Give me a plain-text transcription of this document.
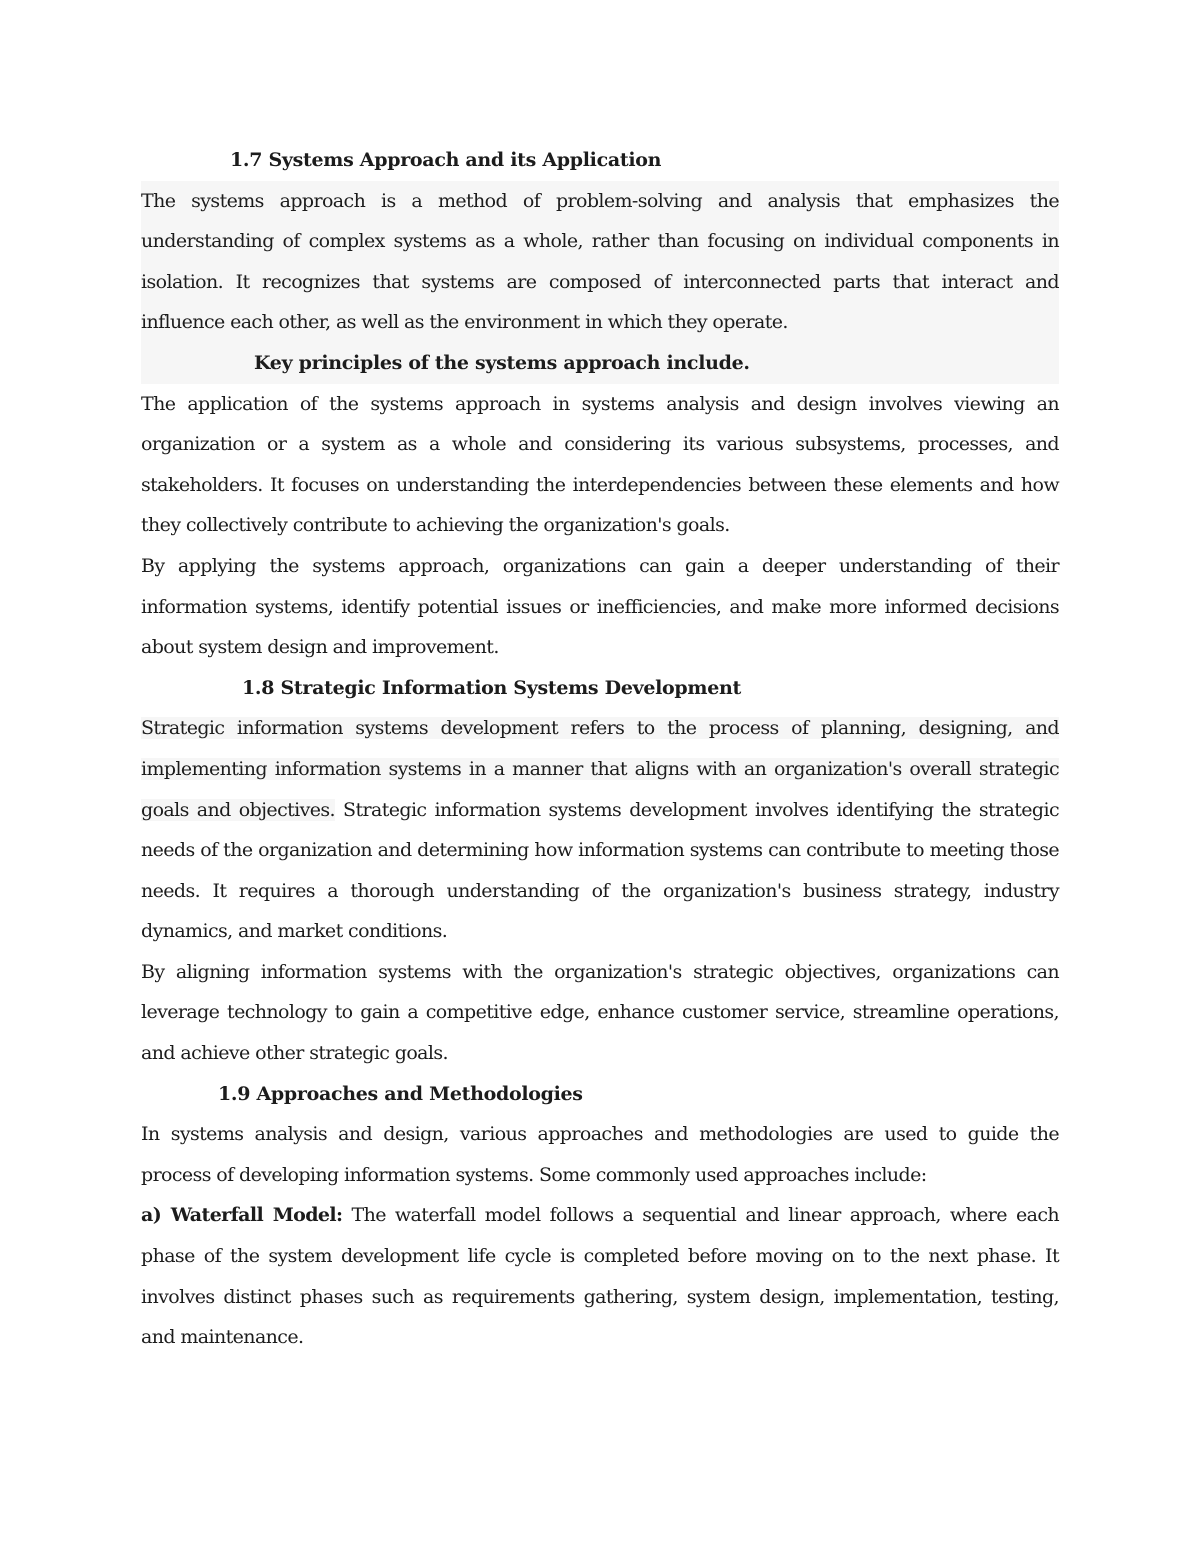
1.7 Systems Approach and its Application
The systems approach is a method of problem-solving and analysis that emphasizes the understanding of complex systems as a whole, rather than focusing on individual components in isolation. It recognizes that systems are composed of interconnected parts that interact and influence each other, as well as the environment in which they operate.
Key principles of the systems approach include.
The application of the systems approach in systems analysis and design involves viewing an organization or a system as a whole and considering its various subsystems, processes, and stakeholders. It focuses on understanding the interdependencies between these elements and how they collectively contribute to achieving the organization's goals.
By applying the systems approach, organizations can gain a deeper understanding of their information systems, identify potential issues or inefficiencies, and make more informed decisions about system design and improvement.
1.8 Strategic Information Systems Development
Strategic information systems development refers to the process of planning, designing, and implementing information systems in a manner that aligns with an organization's overall strategic goals and objectives. Strategic information systems development involves identifying the strategic needs of the organization and determining how information systems can contribute to meeting those needs. It requires a thorough understanding of the organization's business strategy, industry dynamics, and market conditions.
By aligning information systems with the organization's strategic objectives, organizations can leverage technology to gain a competitive edge, enhance customer service, streamline operations, and achieve other strategic goals.
1.9 Approaches and Methodologies
In systems analysis and design, various approaches and methodologies are used to guide the process of developing information systems. Some commonly used approaches include:
a) Waterfall Model: The waterfall model follows a sequential and linear approach, where each phase of the system development life cycle is completed before moving on to the next phase. It involves distinct phases such as requirements gathering, system design, implementation, testing, and maintenance.
